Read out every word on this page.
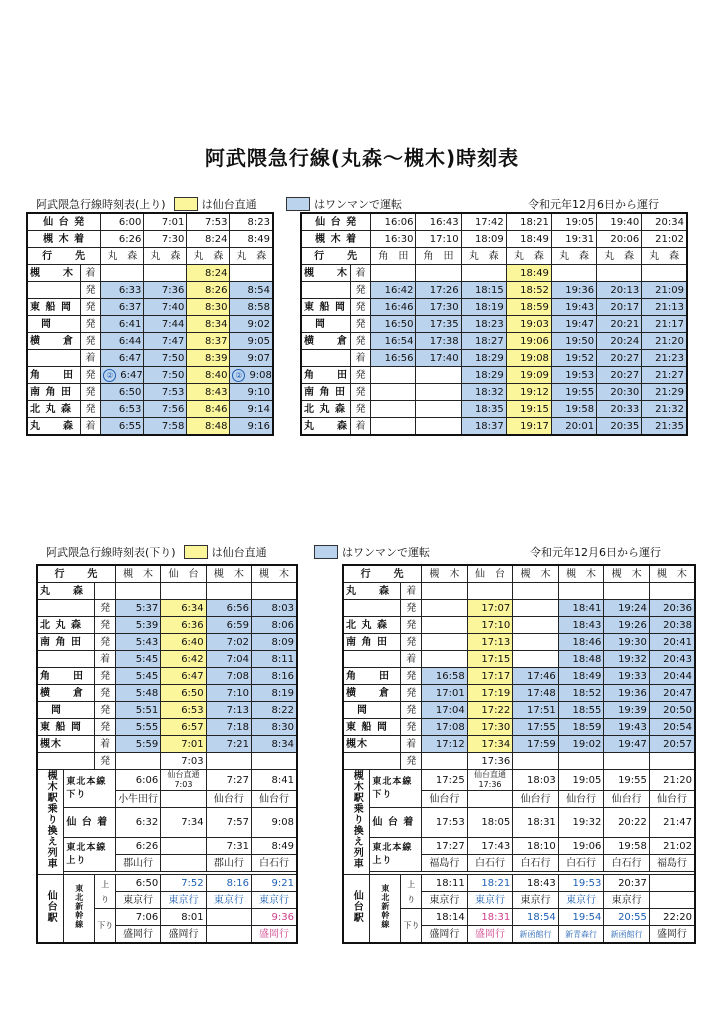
阿武隈急行線(丸森～槻木)時刻表
阿武隈急行線時刻表(上り)	は仙台直通	はワンマンで運転	令和元年12月6日から運行
阿武隈急行線時刻表(下り)	は仙台直通	はワンマンで運転	令和元年12月6日から運行
仙 台 発		6:00	7:01	7:53	8:23
槻 木 着		6:26	7:30	8:24	8:49
行　　先		丸　森	丸　森	丸　森	丸　森
槻　　木	着			8:24	
	発	6:33	7:36	8:26	8:54
東 船 岡	発	6:37	7:40	8:30	8:58
　岡	発	6:41	7:44	8:34	9:02
横　　倉	発	6:44	7:47	8:37	9:05
	着	6:47	7:50	8:39	9:07
角　　田	発	② 6:47	7:50	8:40	② 9:08
南 角 田	発	6:50	7:53	8:43	9:10
北 丸 森	発	6:53	7:56	8:46	9:14
丸　　森	着	6:55	7:58	8:48	9:16
仙 台 発		16:06	16:43	17:42	18:21	19:05	19:40	20:34
槻 木 着		16:30	17:10	18:09	18:49	19:31	20:06	21:02
行　　先		角　田	角　田	丸　森	丸　森	丸　森	丸　森	丸　森
槻　　木	着				18:49			
	発	16:42	17:26	18:15	18:52	19:36	20:13	21:09
東 船 岡	発	16:46	17:30	18:19	18:59	19:43	20:17	21:13
　岡	発	16:50	17:35	18:23	19:03	19:47	20:21	21:17
横　　倉	発	16:54	17:38	18:27	19:06	19:50	20:24	21:20
	着	16:56	17:40	18:29	19:08	19:52	20:27	21:23
角　　田	発			18:29	19:09	19:53	20:27	21:27
南 角 田	発			18:32	19:12	19:55	20:30	21:29
北 丸 森	発			18:35	19:15	19:58	20:33	21:32
丸　　森	着			18:37	19:17	20:01	20:35	21:35
行　　先			槻　木	仙　台	槻　木	槻　木
丸　　森						
		発	5:37	6:34	6:56	8:03
北 丸 森		発	5:39	6:36	6:59	8:06
南 角 田		発	5:43	6:40	7:02	8:09
		着	5:45	6:42	7:04	8:11
角　　田		発	5:45	6:47	7:08	8:16
横　　倉		発	5:48	6:50	7:10	8:19
　岡		発	5:51	6:53	7:13	8:22
東 船 岡		発	5:55	6:57	7:18	8:30
槻木		着	5:59	7:01	7:21	8:34
		発		7:03		
槻木駅乗り換え列車	東北本線下り		6:06	仙台直通7:03	7:27	8:41
			小牛田行		仙台行	仙台行
	仙 台 着		6:32	7:34	7:57	9:08
	東北本線上り		6:26		7:31	8:49
			郡山行		郡山行	白石行

仙台駅	東北新幹線	上り	6:50	7:52	8:16	9:21
			東京行	東京行	東京行	東京行
		下り	7:06	8:01		9:36
			盛岡行	盛岡行		盛岡行
行　　先			槻　木	仙　台	槻　木	槻　木	槻　木	槻　木
丸　　森		着						
		発		17:07		18:41	19:24	20:36
北 丸 森		発		17:10		18:43	19:26	20:38
南 角 田		発		17:13		18:46	19:30	20:41
		着		17:15		18:48	19:32	20:43
角　　田		発	16:58	17:17	17:46	18:49	19:33	20:44
横　　倉		発	17:01	17:19	17:48	18:52	19:36	20:47
　岡		発	17:04	17:22	17:51	18:55	19:39	20:50
東 船 岡		発	17:08	17:30	17:55	18:59	19:43	20:54
槻木		着	17:12	17:34	17:59	19:02	19:47	20:57
		発		17:36				
槻木駅乗り換え列車	東北本線下り		17:25	仙台直通17:36	18:03	19:05	19:55	21:20
			仙台行		仙台行	仙台行	仙台行	仙台行
	仙 台 着		17:53	18:05	18:31	19:32	20:22	21:47
	東北本線上り		17:27	17:43	18:10	19:06	19:58	21:02
			福島行	白石行	白石行	白石行	白石行	福島行

仙台駅	東北新幹線	上り	18:11	18:21	18:43	19:53	20:37	
			東京行	東京行	東京行	東京行	東京行	
		下り	18:14	18:31	18:54	19:54	20:55	22:20
			盛岡行	盛岡行	新函館行	新青森行	新函館行	盛岡行
